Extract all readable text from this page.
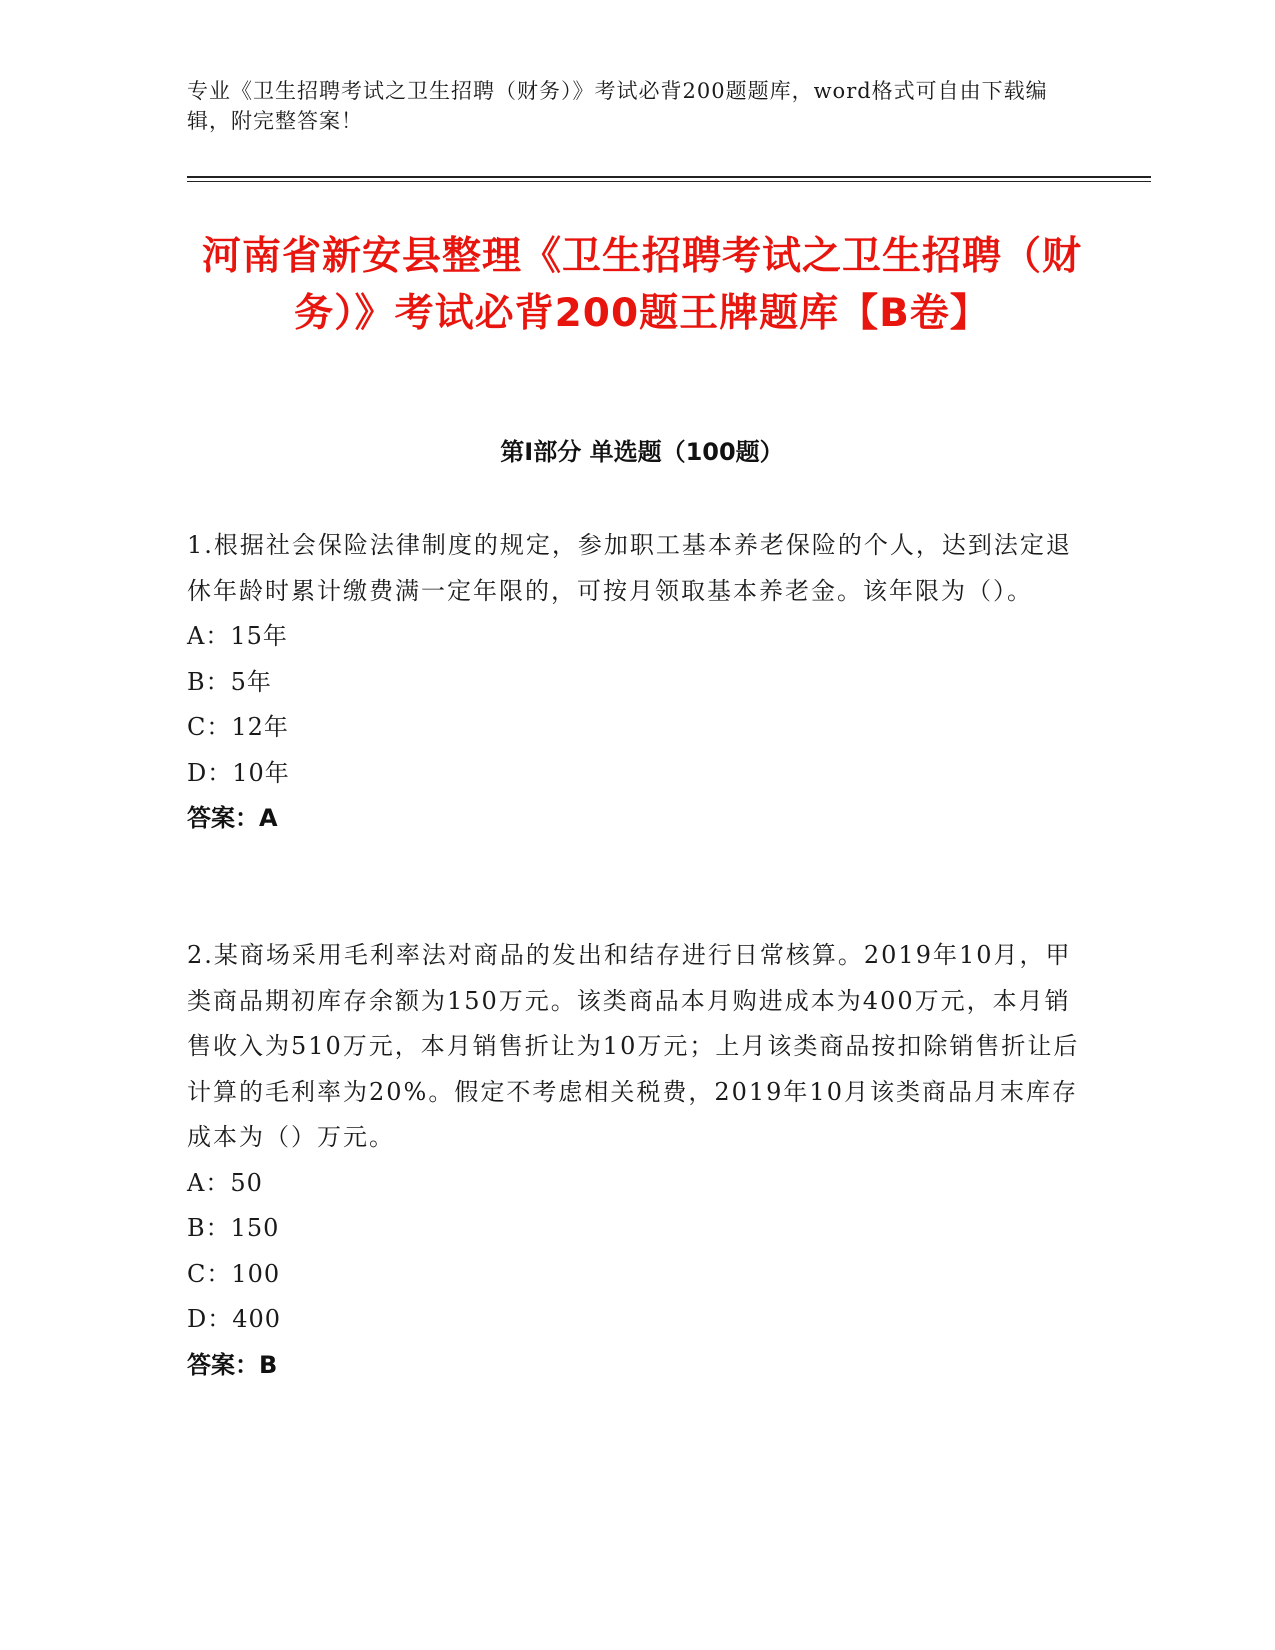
专业《卫生招聘考试之卫生招聘（财务）》考试必背200题题库，word格式可自由下载编辑，附完整答案！

河南省新安县整理《卫生招聘考试之卫生招聘（财务）》考试必背200题王牌题库【B卷】
第I部分 单选题（100题）

1.根据社会保险法律制度的规定，参加职工基本养老保险的个人，达到法定退休年龄时累计缴费满一定年限的，可按月领取基本养老金。该年限为（）。

A：15年

B：5年

C：12年

D：10年

答案：A

2.某商场采用毛利率法对商品的发出和结存进行日常核算。2019年10月，甲类商品期初库存余额为150万元。该类商品本月购进成本为400万元，本月销售收入为510万元，本月销售折让为10万元；上月该类商品按扣除销售折让后计算的毛利率为20%。假定不考虑相关税费，2019年10月该类商品月末库存成本为（）万元。

A：50

B：150

C：100

D：400

答案：B
